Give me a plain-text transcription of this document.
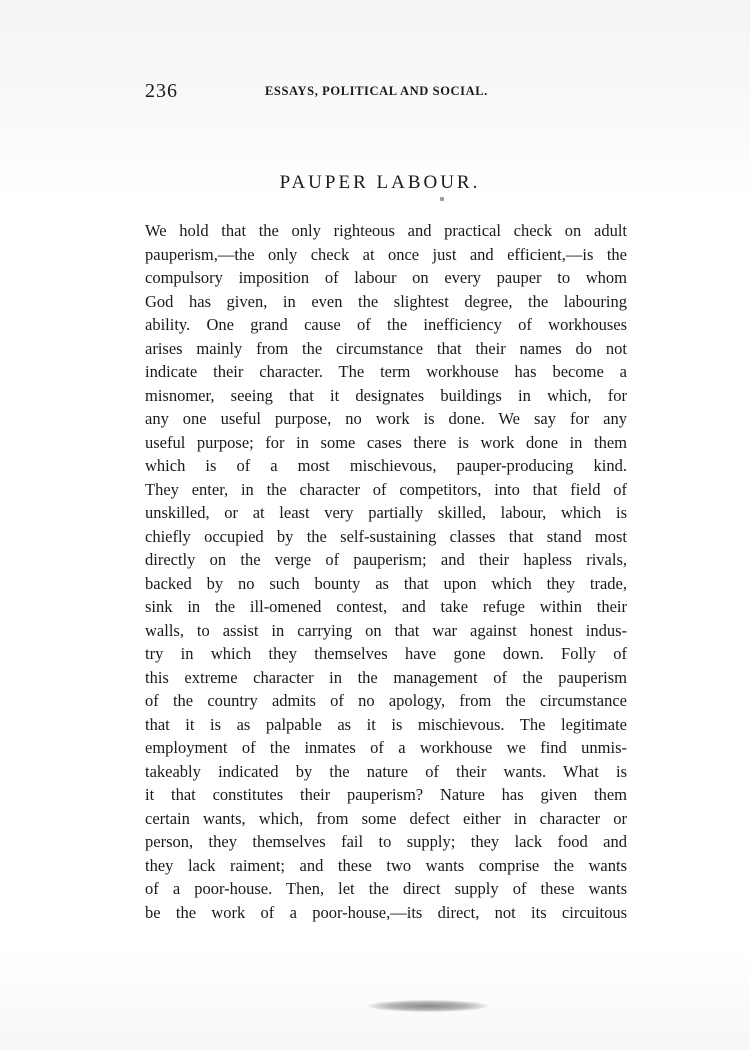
236	ESSAYS, POLITICAL AND SOCIAL.
PAUPER LABOUR.
We hold that the only righteous and practical check on adult
pauperism,—the only check at once just and efficient,—is the
compulsory imposition of labour on every pauper to whom
God has given, in even the slightest degree, the labouring
ability. One grand cause of the inefficiency of workhouses
arises mainly from the circumstance that their names do not
indicate their character. The term workhouse has become a
misnomer, seeing that it designates buildings in which, for
any one useful purpose, no work is done. We say for any
useful purpose; for in some cases there is work done in them
which is of a most mischievous, pauper-producing kind.
They enter, in the character of competitors, into that field of
unskilled, or at least very partially skilled, labour, which is
chiefly occupied by the self-sustaining classes that stand most
directly on the verge of pauperism; and their hapless rivals,
backed by no such bounty as that upon which they trade,
sink in the ill-omened contest, and take refuge within their
walls, to assist in carrying on that war against honest indus-
try in which they themselves have gone down. Folly of
this extreme character in the management of the pauperism
of the country admits of no apology, from the circumstance
that it is as palpable as it is mischievous. The legitimate
employment of the inmates of a workhouse we find unmis-
takeably indicated by the nature of their wants. What is
it that constitutes their pauperism? Nature has given them
certain wants, which, from some defect either in character or
person, they themselves fail to supply; they lack food and
they lack raiment; and these two wants comprise the wants
of a poor-house. Then, let the direct supply of these wants
be the work of a poor-house,—its direct, not its circuitous
